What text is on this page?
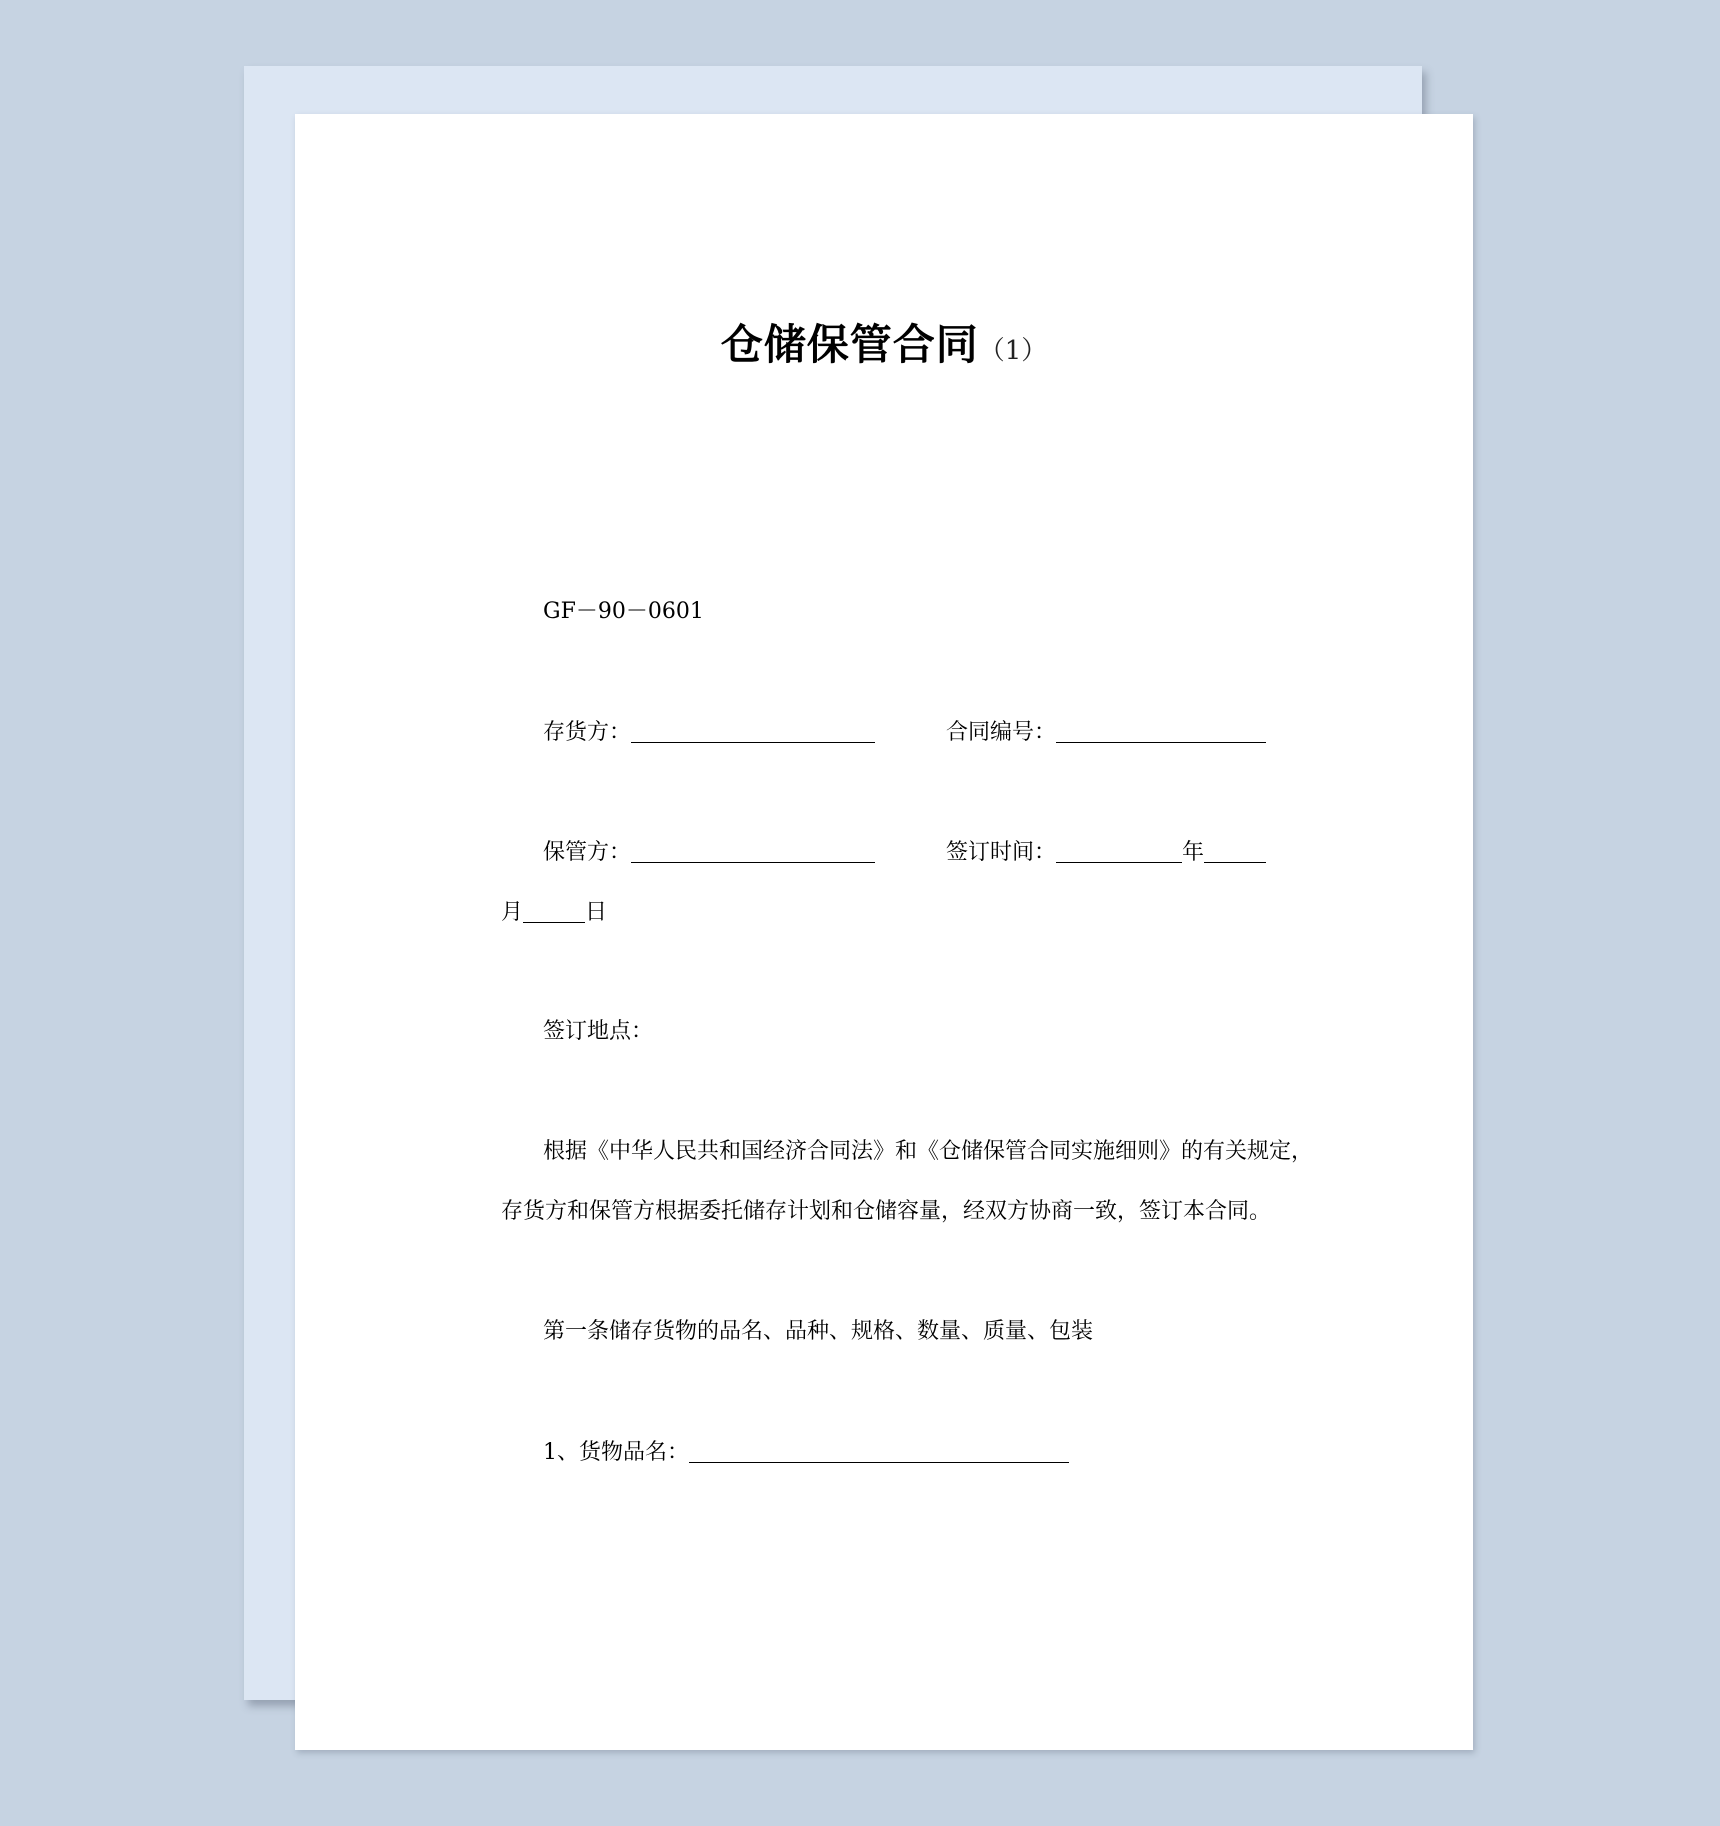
仓储保管合同（1）
GF－90－0601
存货方：	合同编号：
保管方：	签订时间：	年
月	日
签订地点：
根据《中华人民共和国经济合同法》和《仓储保管合同实施细则》的有关规定，
存货方和保管方根据委托储存计划和仓储容量，经双方协商一致，签订本合同。
第一条储存货物的品名、品种、规格、数量、质量、包装
1、货物品名：
